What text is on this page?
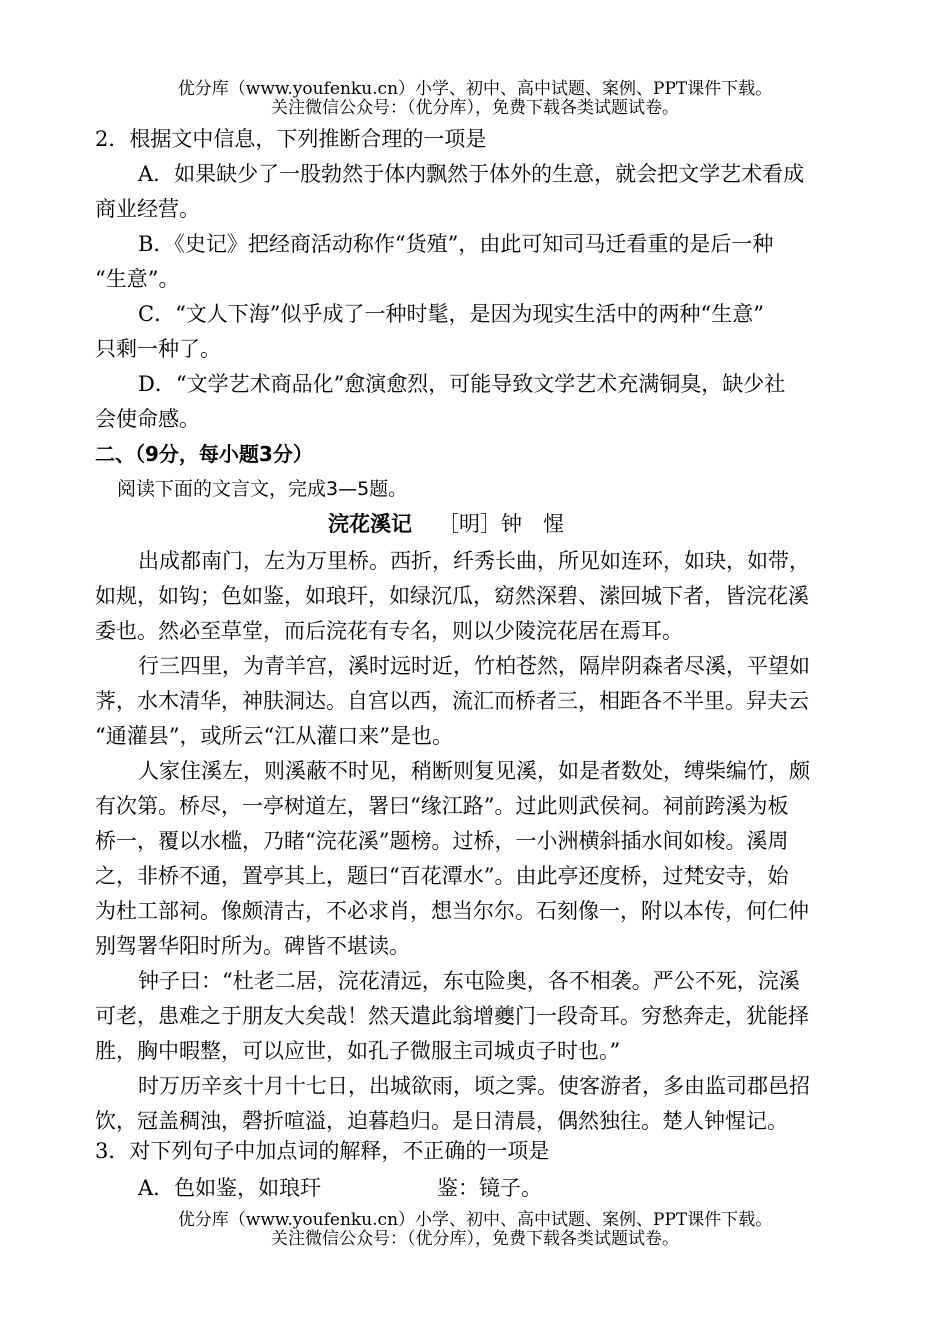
优分库（www.youfenku.cn）小学、初中、高中试题、案例、PPT课件下载。
关注微信公众号：（优分库），免费下载各类试题试卷。
2．根据文中信息，下列推断合理的一项是
A．如果缺少了一股勃然于体内飘然于体外的生意，就会把文学艺术看成
商业经营。
B．《史记》把经商活动称作“货殖”，由此可知司马迁看重的是后一种
“生意”。
C．“文人下海”似乎成了一种时髦，是因为现实生活中的两种“生意”
只剩一种了。
D．“文学艺术商品化”愈演愈烈，可能导致文学艺术充满铜臭，缺少社
会使命感。
二、（9分，每小题3分）
阅读下面的文言文，完成3—5题。
浣花溪记 ［明］钟　惺
出成都南门，左为万里桥。西折，纤秀长曲，所见如连环，如玦，如带，
如规，如钩；色如鉴，如琅玕，如绿沉瓜，窈然深碧、潆回城下者，皆浣花溪
委也。然必至草堂，而后浣花有专名，则以少陵浣花居在焉耳。
行三四里，为青羊宫，溪时远时近，竹柏苍然，隔岸阴森者尽溪，平望如
荠，水木清华，神肤洞达。自宫以西，流汇而桥者三，相距各不半里。舁夫云
“通灌县”，或所云“江从灌口来”是也。
人家住溪左，则溪蔽不时见，稍断则复见溪，如是者数处，缚柴编竹，颇
有次第。桥尽，一亭树道左，署曰“缘江路”。过此则武侯祠。祠前跨溪为板
桥一，覆以水槛，乃睹“浣花溪”题榜。过桥，一小洲横斜插水间如梭。溪周
之，非桥不通，置亭其上，题曰“百花潭水”。由此亭还度桥，过梵安寺，始
为杜工部祠。像颇清古，不必求肖，想当尔尔。石刻像一，附以本传，何仁仲
别驾署华阳时所为。碑皆不堪读。
钟子曰：“杜老二居，浣花清远，东屯险奥，各不相袭。严公不死，浣溪
可老，患难之于朋友大矣哉！然天遣此翁增夔门一段奇耳。穷愁奔走，犹能择
胜，胸中暇整，可以应世，如孔子微服主司城贞子时也。”
时万历辛亥十月十七日，出城欲雨，顷之霁。使客游者，多由监司郡邑招
饮，冠盖稠浊，磬折喧溢，迫暮趋归。是日清晨，偶然独往。楚人钟惺记。
3．对下列句子中加点词的解释，不正确的一项是
A．色如鉴，如琅玕	鉴：镜子。
优分库（www.youfenku.cn）小学、初中、高中试题、案例、PPT课件下载。
关注微信公众号：（优分库），免费下载各类试题试卷。
